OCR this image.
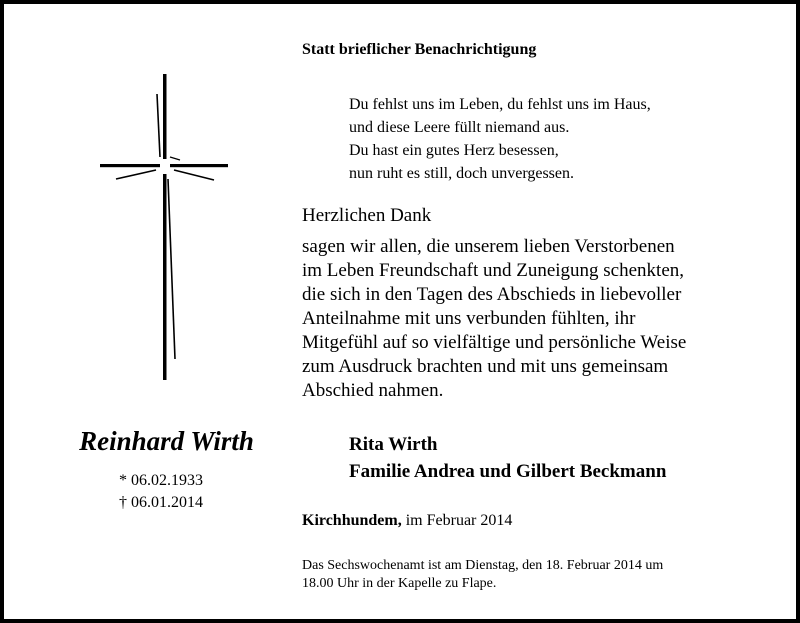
Statt brieflicher Benachrichtigung
Du fehlst uns im Leben, du fehlst uns im Haus,
und diese Leere füllt niemand aus.
Du hast ein gutes Herz besessen,
nun ruht es still, doch unvergessen.
Herzlichen Dank
sagen wir allen, die unserem lieben Verstorbenen
im Leben Freundschaft und Zuneigung schenkten,
die sich in den Tagen des Abschieds in liebevoller
Anteilnahme mit uns verbunden fühlten, ihr
Mitgefühl auf so vielfältige und persönliche Weise
zum Ausdruck brachten und mit uns gemeinsam
Abschied nahmen.
Reinhard Wirth
* 06.02.1933
† 06.01.2014
Rita Wirth
Familie Andrea und Gilbert Beckmann
Kirchhundem, im Februar 2014
Das Sechswochenamt ist am Dienstag, den 18. Februar 2014 um
18.00 Uhr in der Kapelle zu Flape.
